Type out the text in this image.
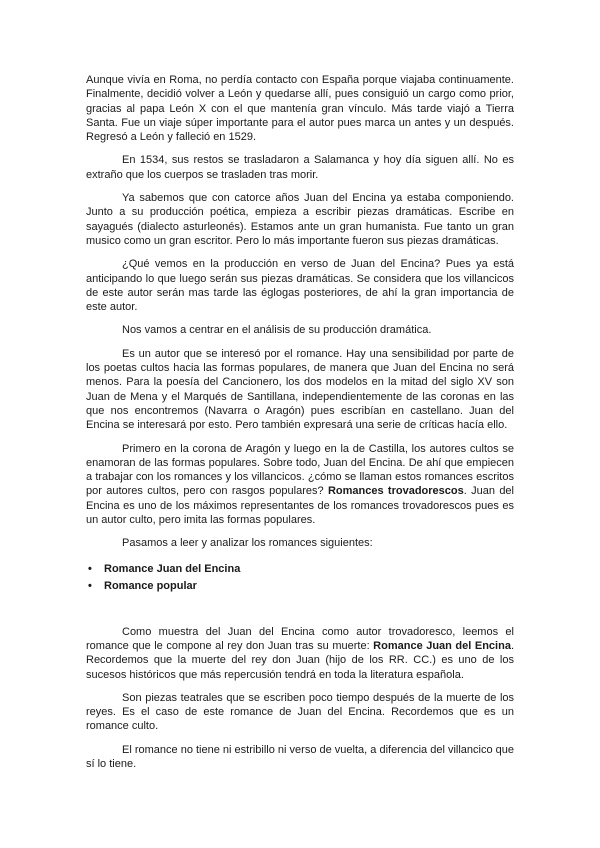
Aunque vivía en Roma, no perdía contacto con España porque viajaba continuamente. Finalmente, decidió volver a León y quedarse allí, pues consiguió un cargo como prior, gracias al papa León X con el que mantenía gran vínculo. Más tarde viajó a Tierra Santa. Fue un viaje súper importante para el autor pues marca un antes y un después. Regresó a León y falleció en 1529.

En 1534, sus restos se trasladaron a Salamanca y hoy día siguen allí. No es extraño que los cuerpos se trasladen tras morir.

Ya sabemos que con catorce años Juan del Encina ya estaba componiendo. Junto a su producción poética, empieza a escribir piezas dramáticas. Escribe en sayagués (dialecto asturleonés). Estamos ante un gran humanista. Fue tanto un gran musico como un gran escritor. Pero lo más importante fueron sus piezas dramáticas.

¿Qué vemos en la producción en verso de Juan del Encina? Pues ya está anticipando lo que luego serán sus piezas dramáticas. Se considera que los villancicos de este autor serán mas tarde las églogas posteriores, de ahí la gran importancia de este autor.

Nos vamos a centrar en el análisis de su producción dramática.

Es un autor que se interesó por el romance. Hay una sensibilidad por parte de los poetas cultos hacia las formas populares, de manera que Juan del Encina no será menos. Para la poesía del Cancionero, los dos modelos en la mitad del siglo XV son Juan de Mena y el Marqués de Santillana, independientemente de las coronas en las que nos encontremos (Navarra o Aragón) pues escribían en castellano. Juan del Encina se interesará por esto. Pero también expresará una serie de críticas hacía ello.

Primero en la corona de Aragón y luego en la de Castilla, los autores cultos se enamoran de las formas populares. Sobre todo, Juan del Encina. De ahí que empiecen a trabajar con los romances y los villancicos. ¿cómo se llaman estos romances escritos por autores cultos, pero con rasgos populares? Romances trovadorescos. Juan del Encina es uno de los máximos representantes de los romances trovadorescos pues es un autor culto, pero imita las formas populares.

Pasamos a leer y analizar los romances siguientes:

• Romance Juan del Encina
• Romance popular

Como muestra del Juan del Encina como autor trovadoresco, leemos el romance que le compone al rey don Juan tras su muerte: Romance Juan del Encina. Recordemos que la muerte del rey don Juan (hijo de los RR. CC.) es uno de los sucesos históricos que más repercusión tendrá en toda la literatura española.

Son piezas teatrales que se escriben poco tiempo después de la muerte de los reyes. Es el caso de este romance de Juan del Encina. Recordemos que es un romance culto.

El romance no tiene ni estribillo ni verso de vuelta, a diferencia del villancico que sí lo tiene.
